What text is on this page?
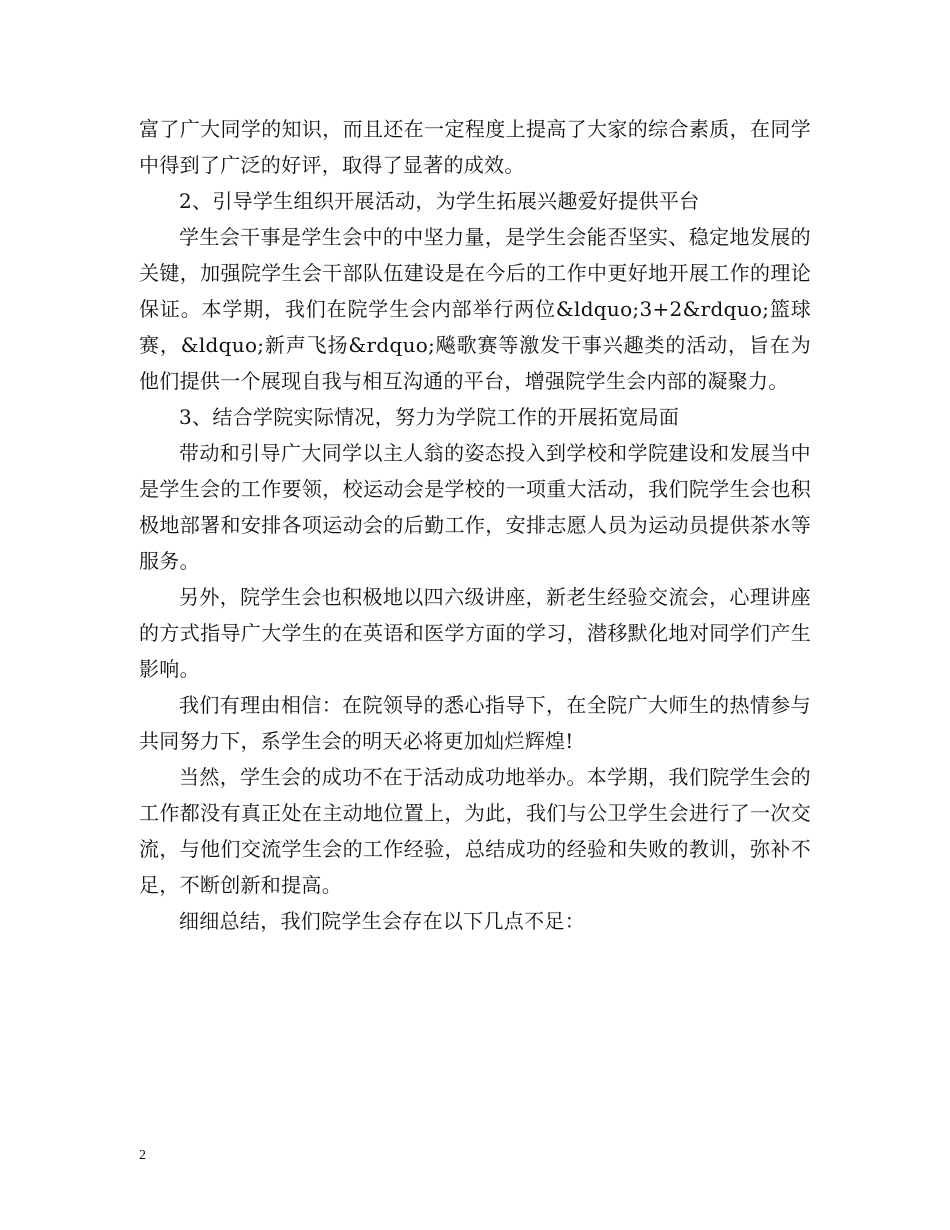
富了广大同学的知识，而且还在一定程度上提高了大家的综合素质，在同学中得到了广泛的好评，取得了显著的成效。

2、引导学生组织开展活动，为学生拓展兴趣爱好提供平台

学生会干事是学生会中的中坚力量，是学生会能否坚实、稳定地发展的关键，加强院学生会干部队伍建设是在今后的工作中更好地开展工作的理论保证。本学期，我们在院学生会内部举行两位&ldquo;3+2&rdquo;篮球赛，&ldquo;新声飞扬&rdquo;飚歌赛等激发干事兴趣类的活动，旨在为他们提供一个展现自我与相互沟通的平台，增强院学生会内部的凝聚力。

3、结合学院实际情况，努力为学院工作的开展拓宽局面

带动和引导广大同学以主人翁的姿态投入到学校和学院建设和发展当中是学生会的工作要领，校运动会是学校的一项重大活动，我们院学生会也积极地部署和安排各项运动会的后勤工作，安排志愿人员为运动员提供茶水等服务。

另外，院学生会也积极地以四六级讲座，新老生经验交流会，心理讲座的方式指导广大学生的在英语和医学方面的学习，潜移默化地对同学们产生影响。

我们有理由相信：在院领导的悉心指导下，在全院广大师生的热情参与共同努力下，系学生会的明天必将更加灿烂辉煌!

当然，学生会的成功不在于活动成功地举办。本学期，我们院学生会的工作都没有真正处在主动地位置上，为此，我们与公卫学生会进行了一次交流，与他们交流学生会的工作经验，总结成功的经验和失败的教训，弥补不足，不断创新和提高。

细细总结，我们院学生会存在以下几点不足：

2
